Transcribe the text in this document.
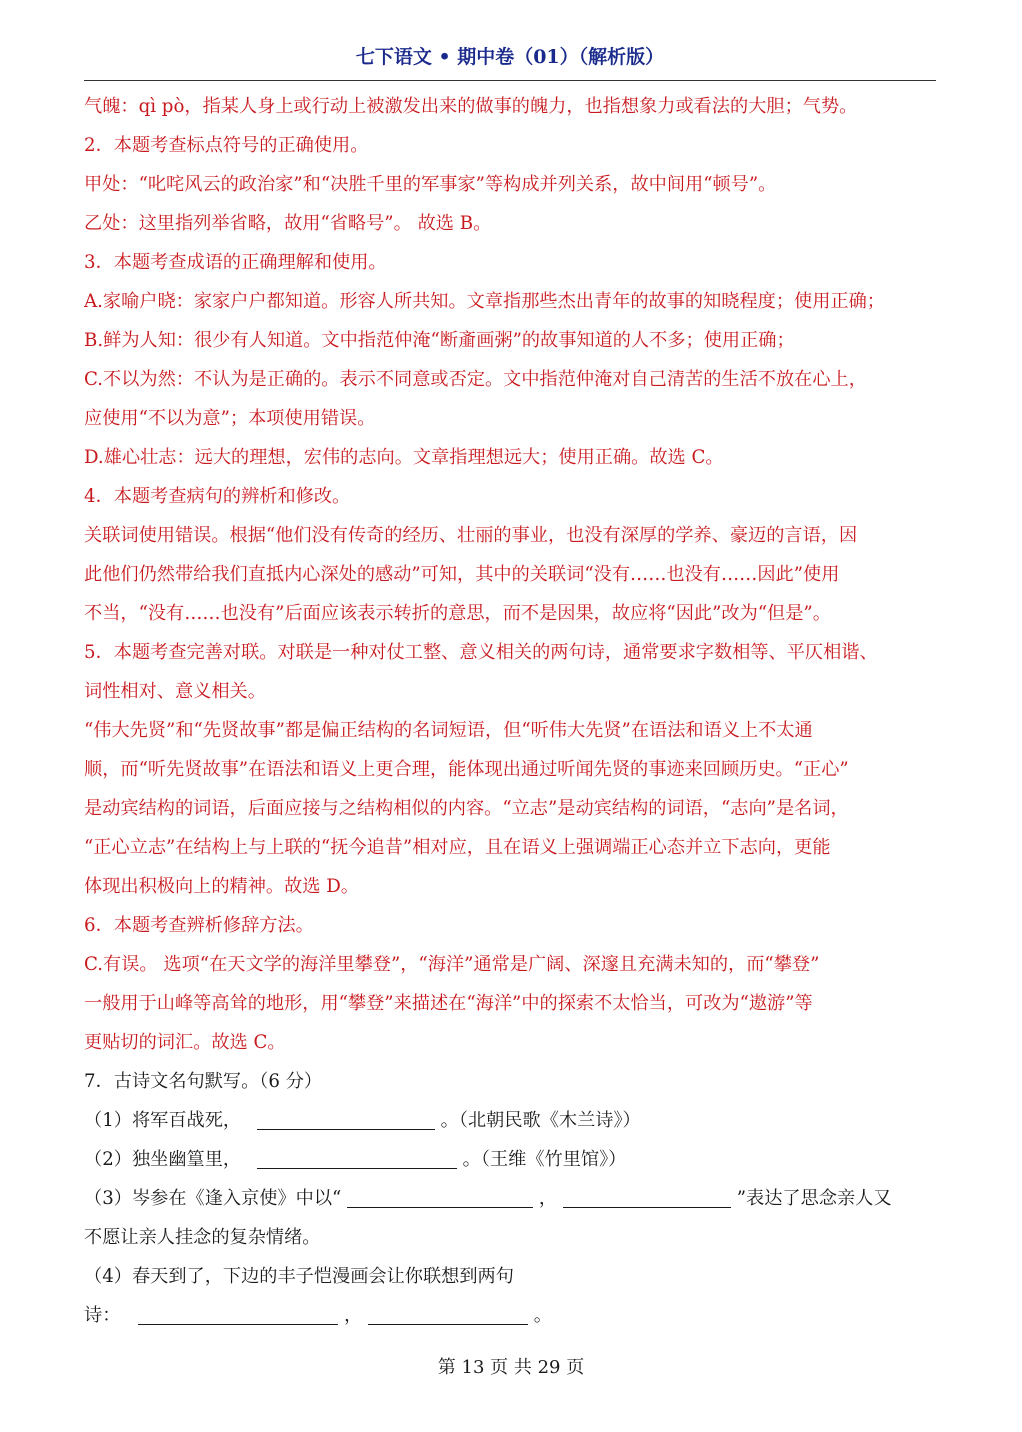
七下语文 • 期中卷（01）（解析版）
气魄：qì pò，指某人身上或行动上被激发出来的做事的魄力，也指想象力或看法的大胆；气势。
2．本题考查标点符号的正确使用。
甲处：“叱咤风云的政治家”和“决胜千里的军事家”等构成并列关系，故中间用“顿号”。
乙处：这里指列举省略，故用“省略号”。 故选 B。
3．本题考查成语的正确理解和使用。
A.家喻户晓：家家户户都知道。形容人所共知。文章指那些杰出青年的故事的知晓程度；使用正确；
B.鲜为人知：很少有人知道。文中指范仲淹“断齑画粥”的故事知道的人不多；使用正确；
C.不以为然：不认为是正确的。表示不同意或否定。文中指范仲淹对自己清苦的生活不放在心上，
应使用“不以为意”；本项使用错误。
D.雄心壮志：远大的理想，宏伟的志向。文章指理想远大；使用正确。故选 C。
4．本题考查病句的辨析和修改。
关联词使用错误。根据“他们没有传奇的经历、壮丽的事业，也没有深厚的学养、豪迈的言语，因
此他们仍然带给我们直抵内心深处的感动”可知，其中的关联词“没有……也没有……因此”使用
不当，“没有……也没有”后面应该表示转折的意思，而不是因果，故应将“因此”改为“但是”。
5．本题考查完善对联。对联是一种对仗工整、意义相关的两句诗，通常要求字数相等、平仄相谐、
词性相对、意义相关。
“伟大先贤”和“先贤故事”都是偏正结构的名词短语，但“听伟大先贤”在语法和语义上不太通
顺，而“听先贤故事”在语法和语义上更合理，能体现出通过听闻先贤的事迹来回顾历史。“正心”
是动宾结构的词语，后面应接与之结构相似的内容。“立志”是动宾结构的词语，“志向”是名词，
“正心立志”在结构上与上联的“抚今追昔”相对应，且在语义上强调端正心态并立下志向，更能
体现出积极向上的精神。故选 D。
6．本题考查辨析修辞方法。
C.有误。 选项“在天文学的海洋里攀登”，“海洋”通常是广阔、深邃且充满未知的，而“攀登”
一般用于山峰等高耸的地形，用“攀登”来描述在“海洋”中的探索不太恰当，可改为“遨游”等
更贴切的词汇。故选 C。
7．古诗文名句默写。（6 分）
（1）将军百战死，	。（北朝民歌《木兰诗》）
（2）独坐幽篁里，	。（王维《竹里馆》）
（3）岑参在《逢入京使》中以“	，	”表达了思念亲人又
不愿让亲人挂念的复杂情绪。
（4）春天到了，下边的丰子恺漫画会让你联想到两句
诗：	，	。
第 13 页 共 29 页
